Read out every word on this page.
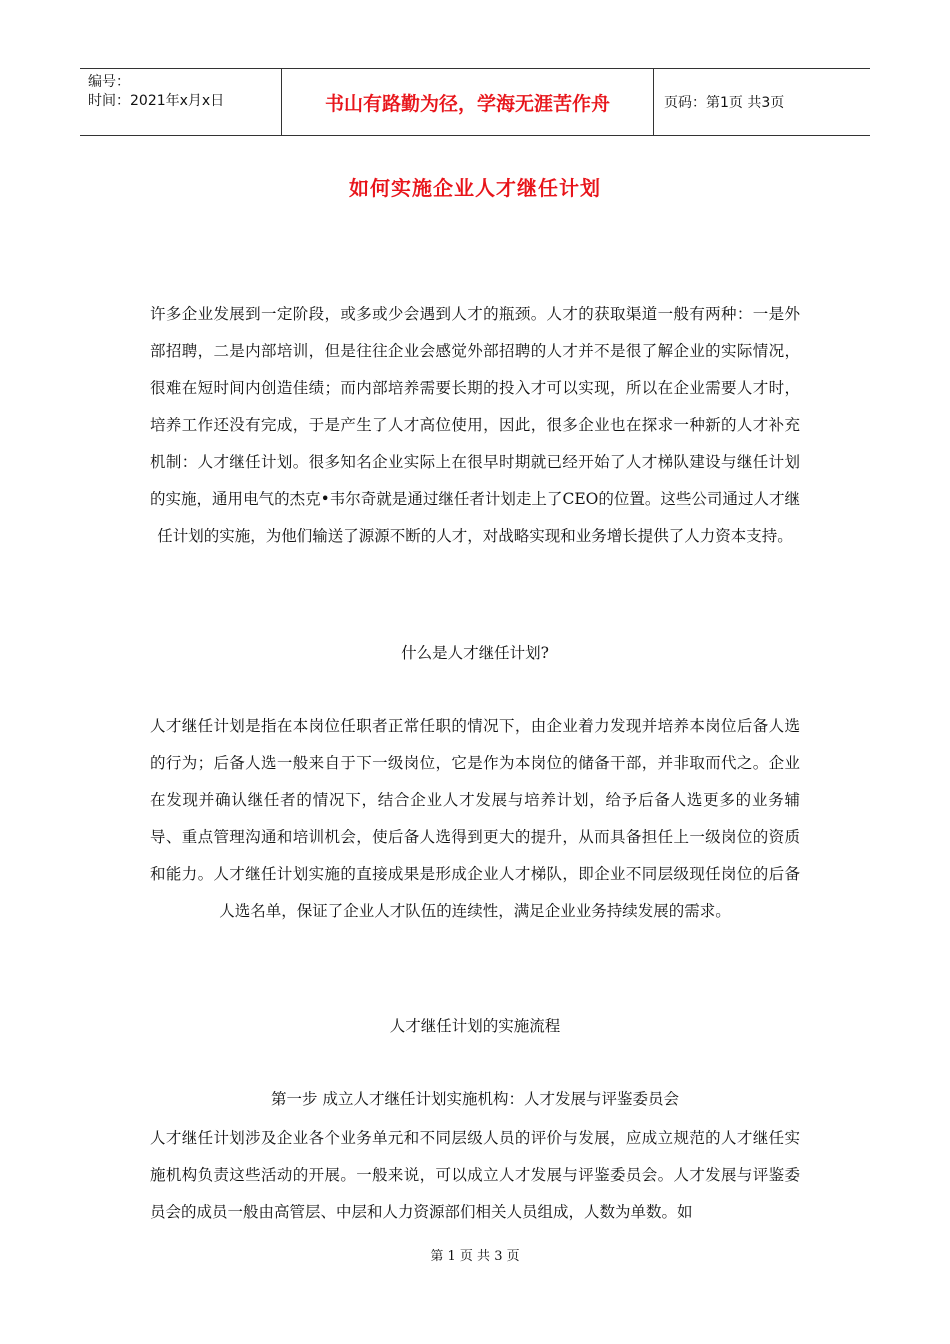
编号：
时间：2021年x月x日	书山有路勤为径，学海无涯苦作舟	页码：第1页 共3页
如何实施企业人才继任计划
许多企业发展到一定阶段，或多或少会遇到人才的瓶颈。人才的获取渠道一般有两种：一是外部招聘，二是内部培训，但是往往企业会感觉外部招聘的人才并不是很了解企业的实际情况，很难在短时间内创造佳绩；而内部培养需要长期的投入才可以实现，所以在企业需要人才时，培养工作还没有完成，于是产生了人才高位使用，因此，很多企业也在探求一种新的人才补充机制：人才继任计划。很多知名企业实际上在很早时期就已经开始了人才梯队建设与继任计划的实施，通用电气的杰克•韦尔奇就是通过继任者计划走上了CEO的位置。这些公司通过人才继任计划的实施，为他们输送了源源不断的人才，对战略实现和业务增长提供了人力资本支持。
什么是人才继任计划?
人才继任计划是指在本岗位任职者正常任职的情况下，由企业着力发现并培养本岗位后备人选的行为；后备人选一般来自于下一级岗位，它是作为本岗位的储备干部，并非取而代之。企业在发现并确认继任者的情况下，结合企业人才发展与培养计划，给予后备人选更多的业务辅导、重点管理沟通和培训机会，使后备人选得到更大的提升，从而具备担任上一级岗位的资质和能力。人才继任计划实施的直接成果是形成企业人才梯队，即企业不同层级现任岗位的后备人选名单，保证了企业人才队伍的连续性，满足企业业务持续发展的需求。
人才继任计划的实施流程
第一步 成立人才继任计划实施机构：人才发展与评鉴委员会
人才继任计划涉及企业各个业务单元和不同层级人员的评价与发展，应成立规范的人才继任实施机构负责这些活动的开展。一般来说，可以成立人才发展与评鉴委员会。人才发展与评鉴委员会的成员一般由高管层、中层和人力资源部们相关人员组成，人数为单数。如
第 1 页 共 3 页
